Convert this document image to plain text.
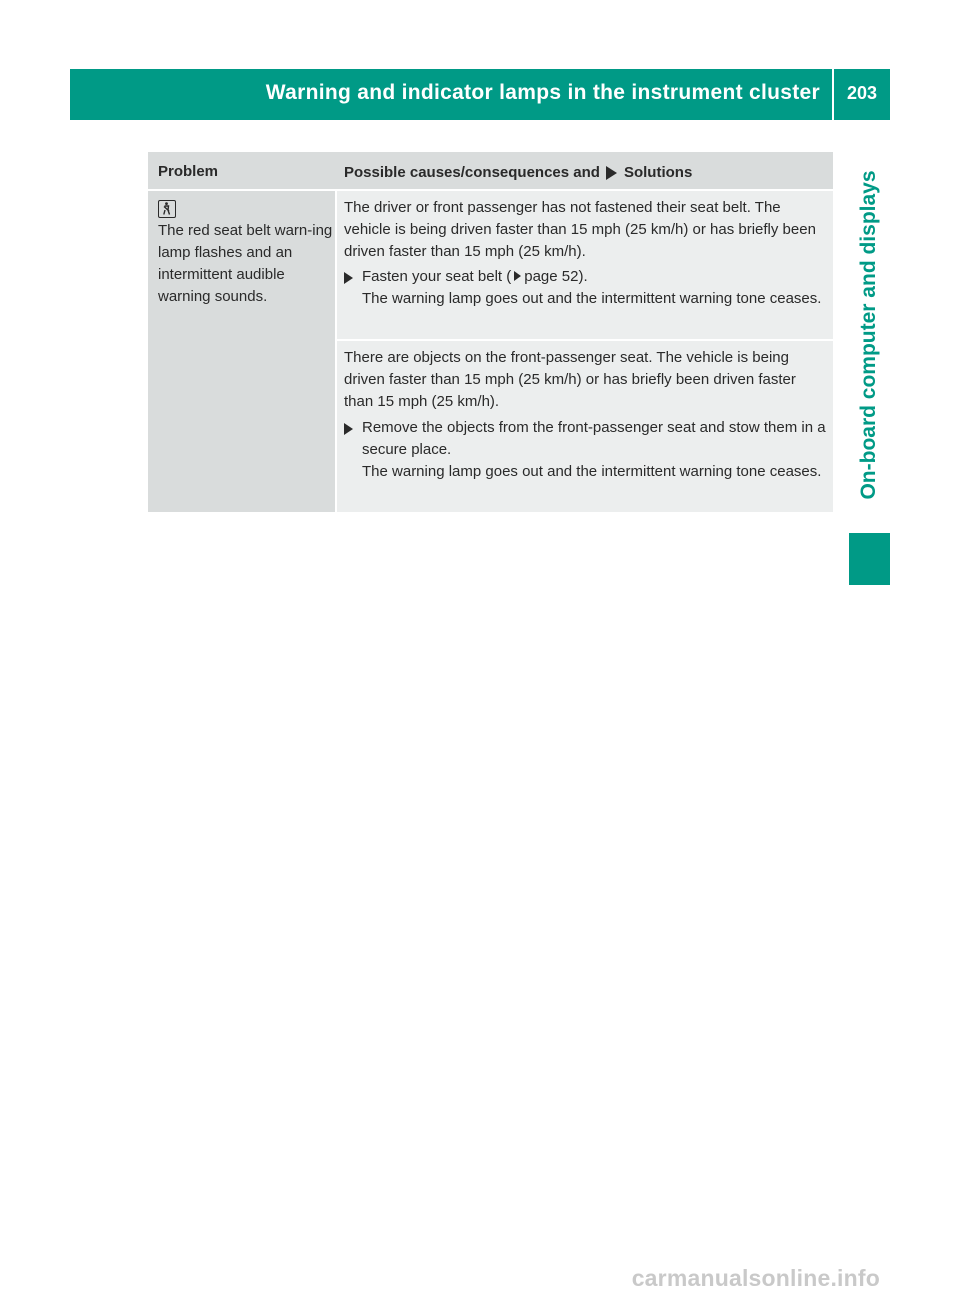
Warning and indicator lamps in the instrument cluster	203
On-board computer and displays
Problem	Possible causes/consequences and Solutions
The red seat belt warn-ing lamp flashes and an intermittent audible warning sounds.
The driver or front passenger has not fastened their seat belt. The vehicle is being driven faster than 15 mph (25 km/h) or has briefly been driven faster than 15 mph (25 km/h).
Fasten your seat belt ( page 52).
The warning lamp goes out and the intermittent warning tone ceases.
There are objects on the front-passenger seat. The vehicle is being driven faster than 15 mph (25 km/h) or has briefly been driven faster than 15 mph (25 km/h).
Remove the objects from the front-passenger seat and stow them in a secure place.
The warning lamp goes out and the intermittent warning tone ceases.
carmanualsonline.info
